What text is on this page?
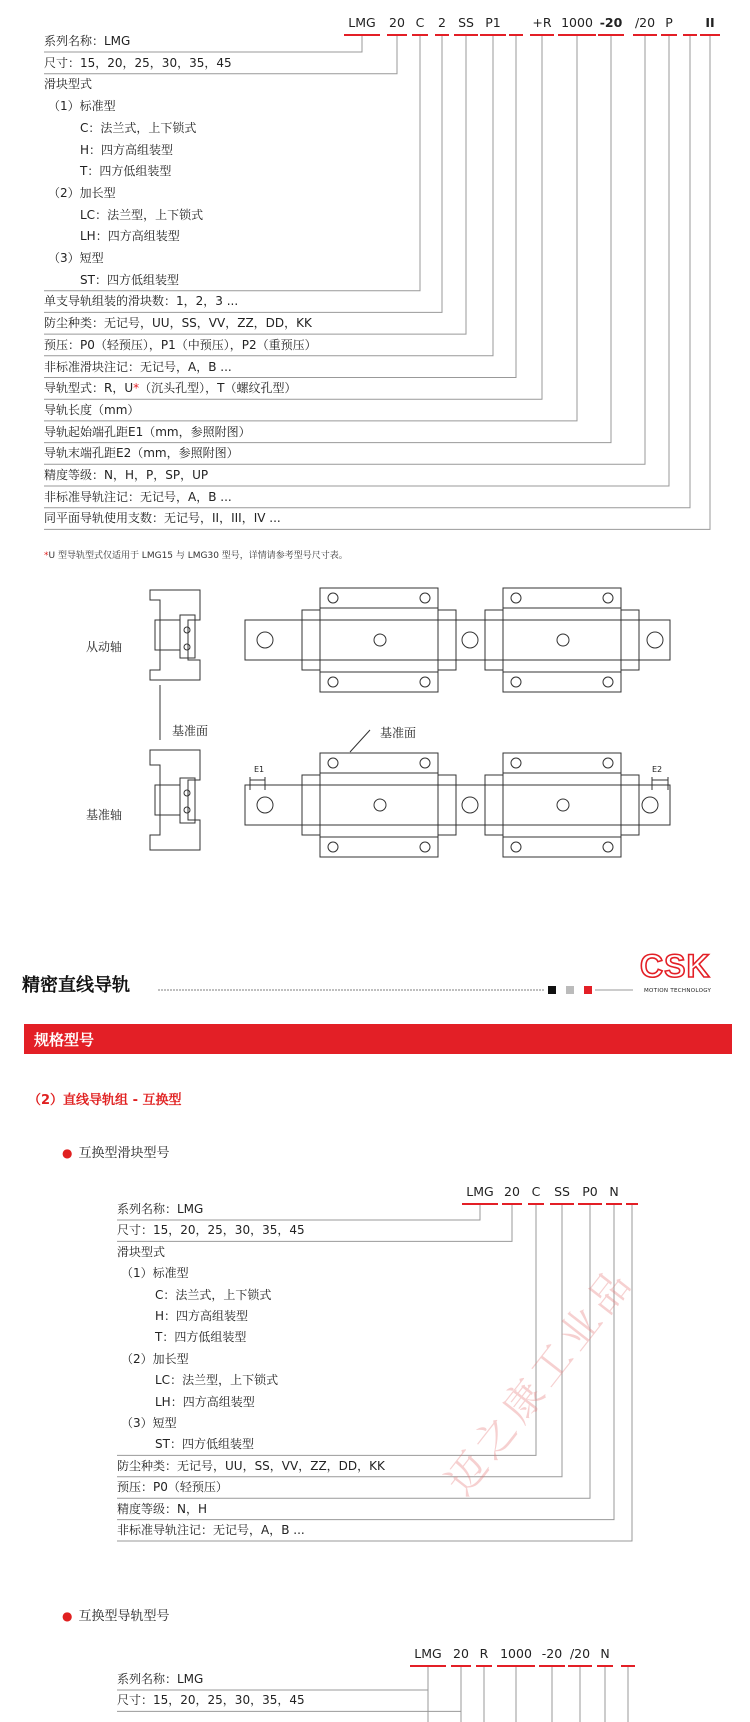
LMG 20 C 2 SS P1	+R 1000 -20 /20 P	II
系列名称：LMG
尺寸：15，20，25，30，35，45
滑块型式
（1）标准型
C：法兰式，上下锁式
H：四方高组装型
T：四方低组装型
（2）加长型
LC：法兰型，上下锁式
LH：四方高组装型
（3）短型
ST：四方低组装型
单支导轨组装的滑块数：1，2，3 ...
防尘种类：无记号，UU，SS，VV，ZZ，DD，KK
预压：P0（轻预压），P1（中预压），P2（重预压）
非标准滑块注记：无记号，A，B ...
导轨型式：R，U*（沉头孔型），T（螺纹孔型）
导轨长度（mm）
导轨起始端孔距E1（mm，参照附图）
导轨末端孔距E2（mm，参照附图）
精度等级：N，H，P，SP，UP
非标准导轨注记：无记号，A，B ...
同平面导轨使用支数：无记号，II，III，IV ...
*U 型导轨型式仅适用于 LMG15 与 LMG30 型号，详情请参考型号尺寸表。
从动轴
基准面
基准轴
基准面
E1	E2
精密直线导轨
CSK
MOTION TECHNOLOGY
规格型号
（2）直线导轨组 - 互换型
● 互换型滑块型号
LMG 20 C SS P0 N
系列名称：LMG
尺寸：15，20，25，30，35，45
滑块型式
（1）标准型
C：法兰式，上下锁式
H：四方高组装型
T：四方低组装型
（2）加长型
LC：法兰型，上下锁式
LH：四方高组装型
（3）短型
ST：四方低组装型
防尘种类：无记号，UU，SS，VV，ZZ，DD，KK
预压：P0（轻预压）
精度等级：N，H
非标准导轨注记：无记号，A，B ...
● 互换型导轨型号
LMG 20 R 1000 -20 /20 N
系列名称：LMG
尺寸：15，20，25，30，35，45
迈之康工业品
